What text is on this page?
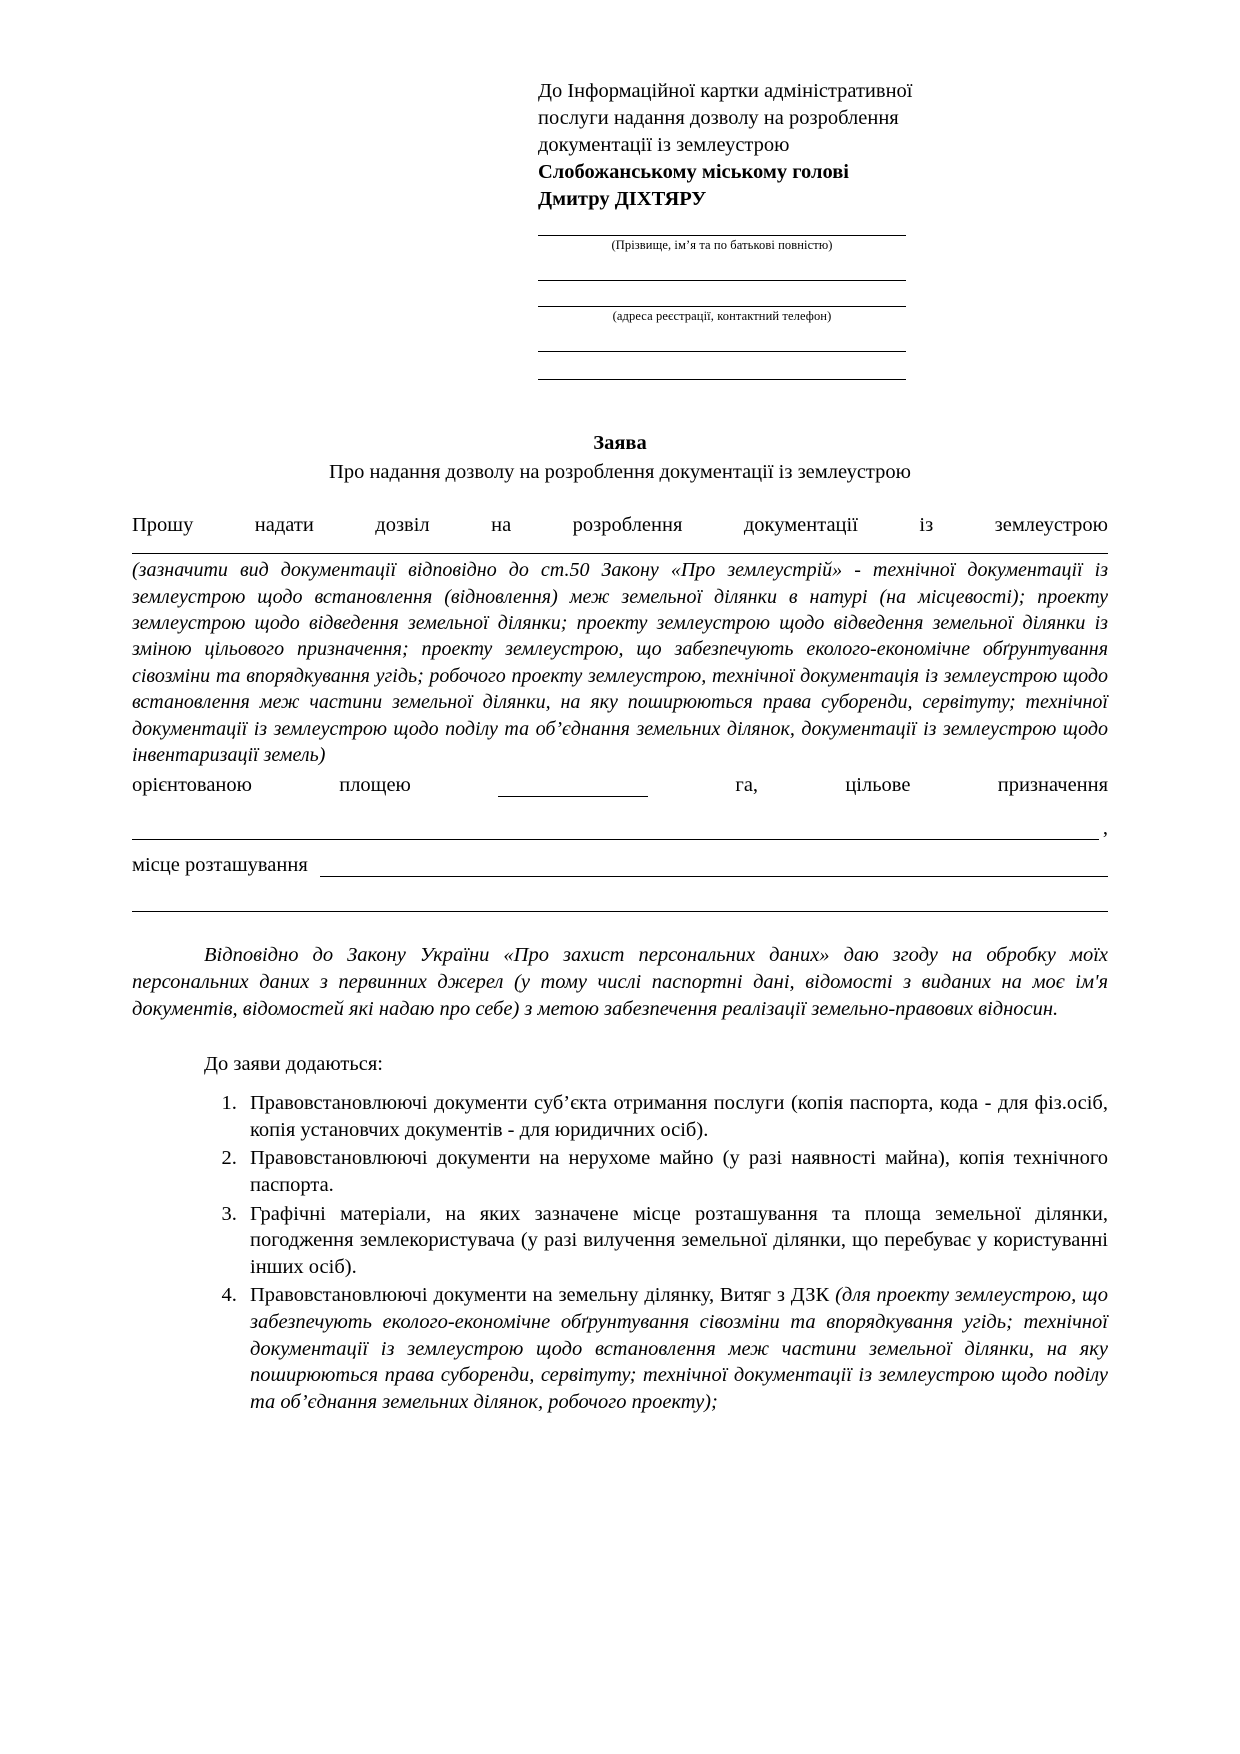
До Інформаційної картки адміністративної
послуги надання дозволу на розроблення
документації із землеустрою
Слобожанському міському голові
Дмитру ДІХТЯРУ
(Прізвище, ім’я та по батькові повністю)
(адреса реєстрації, контактний телефон)
Заява
Про надання дозволу на розроблення документації із землеустрою
Прошу надати дозвіл на розроблення документації із землеустрою
(зазначити вид документації відповідно до ст.50 Закону «Про землеустрій» - технічної документації із землеустрою щодо встановлення (відновлення) меж земельної ділянки в натурі (на місцевості); проекту землеустрою щодо відведення земельної ділянки; проекту землеустрою щодо відведення земельної ділянки із зміною цільового призначення; проекту землеустрою, що забезпечують еколого-економічне обґрунтування сівозміни та впорядкування угідь; робочого проекту землеустрою, технічної документація із землеустрою щодо встановлення меж частини земельної ділянки, на яку поширюються права суборенди, сервітуту; технічної документації із землеустрою щодо поділу та об’єднання земельних ділянок, документації із землеустрою щодо інвентаризації земель)
орієнтованою	площею	га,	цільове	призначення
,
місце розташування
Відповідно до Закону України «Про захист персональних даних» даю згоду на обробку моїх персональних даних з первинних джерел (у тому числі паспортні дані, відомості з виданих на моє ім'я документів, відомостей які надаю про себе) з метою забезпечення реалізації земельно-правових відносин.
До заяви додаються:
1. Правовстановлюючі документи суб’єкта отримання послуги (копія паспорта, кода - для фіз.осіб, копія установчих документів - для юридичних осіб).
2. Правовстановлюючі документи на нерухоме майно (у разі наявності майна), копія технічного паспорта.
3. Графічні матеріали, на яких зазначене місце розташування та площа земельної ділянки, погодження землекористувача (у разі вилучення земельної ділянки, що перебуває у користуванні інших осіб).
4. Правовстановлюючі документи на земельну ділянку, Витяг з ДЗК (для проекту землеустрою, що забезпечують еколого-економічне обґрунтування сівозміни та впорядкування угідь; технічної документації із землеустрою щодо встановлення меж частини земельної ділянки, на яку поширюються права суборенди, сервітуту; технічної документації із землеустрою щодо поділу та об’єднання земельних ділянок, робочого проекту);
